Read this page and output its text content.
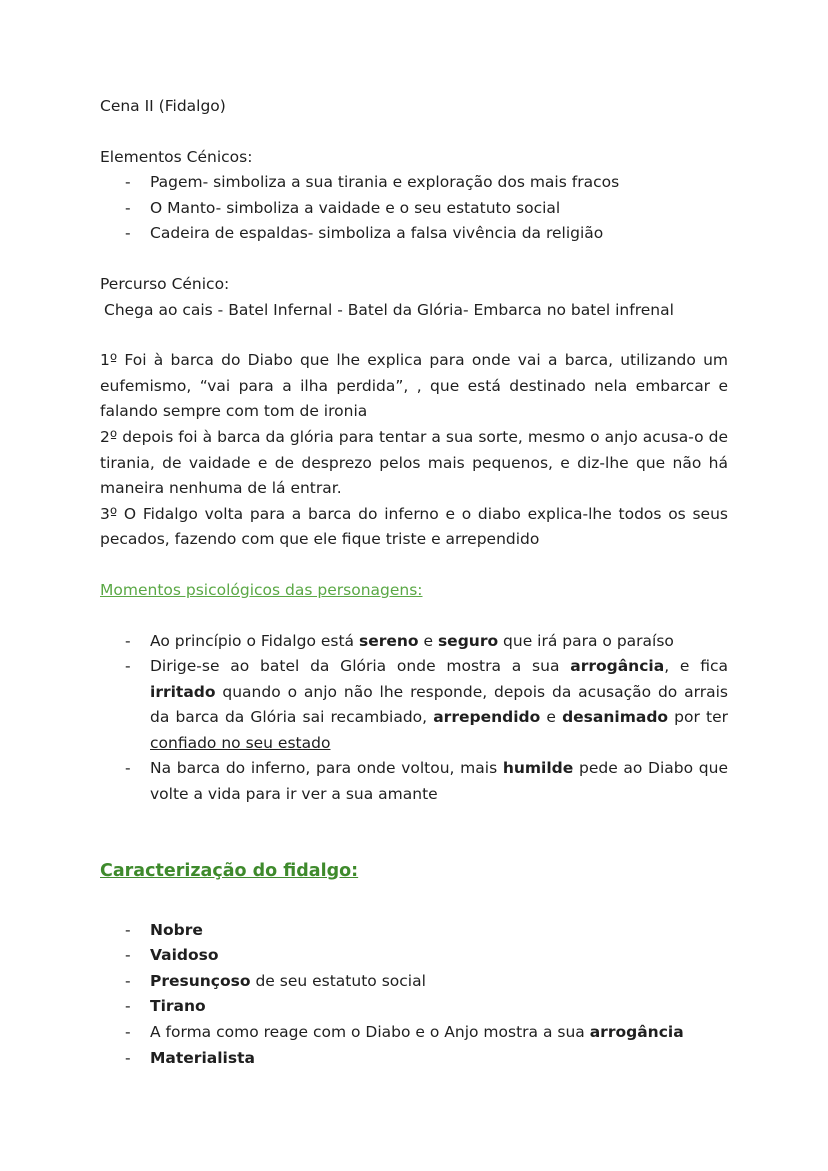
Cena II (Fidalgo)

Elementos Cénicos:

- Pagem- simboliza a sua tirania e exploração dos mais fracos
- O Manto- simboliza a vaidade e o seu estatuto social
- Cadeira de espaldas- simboliza a falsa vivência da religião

Percurso Cénico:

Chega ao cais - Batel Infernal - Batel da Glória- Embarca no batel infrenal

1º Foi à barca do Diabo que lhe explica para onde vai a barca, utilizando um eufemismo, “vai para a ilha perdida”, , que está destinado nela embarcar e falando sempre com tom de ironia

2º depois foi à barca da glória para tentar a sua sorte, mesmo o anjo acusa-o de tirania, de vaidade e de desprezo pelos mais pequenos, e diz-lhe que não há maneira nenhuma de lá entrar.

3º O Fidalgo volta para a barca do inferno e o diabo explica-lhe todos os seus pecados, fazendo com que ele fique triste e arrependido

Momentos psicológicos das personagens:
- Ao princípio o Fidalgo está sereno e seguro que irá para o paraíso
- Dirige-se ao batel da Glória onde mostra a sua arrogância, e fica irritado quando o anjo não lhe responde, depois da acusação do arrais da barca da Glória sai recambiado, arrependido e desanimado por ter confiado no seu estado
- Na barca do inferno, para onde voltou, mais humilde pede ao Diabo que volte a vida para ir ver a sua amante
Caracterização do fidalgo:
- Nobre
- Vaidoso
- Presunçoso de seu estatuto social
- Tirano
- A forma como reage com o Diabo e o Anjo mostra a sua arrogância
- Materialista
